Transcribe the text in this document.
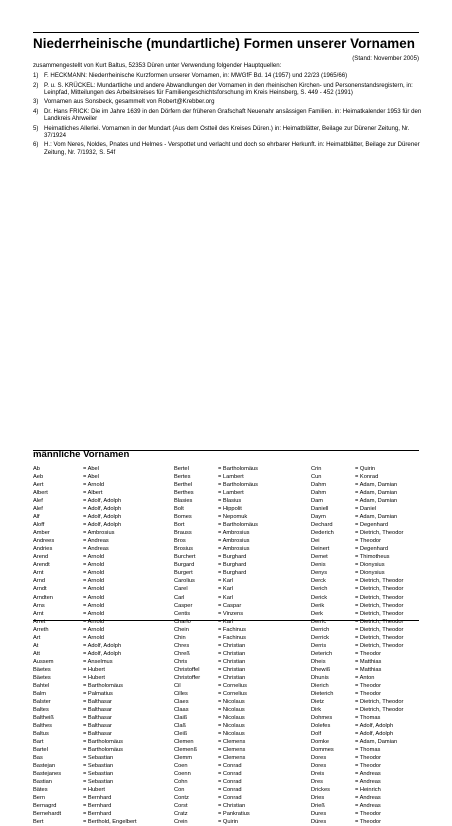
Niederrheinische (mundartliche) Formen unserer Vornamen
(Stand: November 2005)
zusammengestellt von Kurt Baltus, 52353 Düren unter Verwendung folgender Hauptquellen:
1) F. HECKMANN: Niederrheinische Kurzformen unserer Vornamen, in: MWGfF Bd. 14 (1957) und 22/23 (1965/66)
2) P. u. S. KRÜCKEL: Mundartliche und andere Abwandlungen der Vornamen in den rheinischen Kirchen- und Personenstandsregistern, in: Leinpfad, Mitteilungen des Arbeitskreises für Familiengeschichtsforschung im Kreis Heinsberg, S. 449 - 452 (1991)
3) Vornamen aus Sonsbeck, gesammelt von Robert@Krebber.org
4) Dr. Hans FRICK: Die im Jahre 1639 in den Dörfern der früheren Grafschaft Neuenahr ansässigen Familien. in: Heimatkalender 1953 für den Landkreis Ahrweiler
5) Heimatliches Allerlei. Vornamen in der Mundart (Aus dem Ostteil des Kreises Düren.) in: Heimatblätter, Beilage zur Dürener Zeitung, Nr. 37/1924
6) H.: Vom Neres, Noldes, Pnates und Helmes - Verspottet und verlacht und doch so ehrbarer Herkunft. in: Heimatblätter, Beilage zur Dürener Zeitung, Nr. 7/1932, S. 54f
männliche Vornamen
Ab	= Abel	Bertel	= Bartholomäus	Crin	= Quirin
Aeb	= Abel	Bertes	= Lambert	Cun	= Konrad
Aert	= Arnold	Berthel	= Bartholomäus	Dahm	= Adam, Damian
Albert	= Albert	Berthes	= Lambert	Dahm	= Adam, Damian
Alef	= Adolf, Adolph	Blasies	= Blasius	Dam	= Adam, Damian
Alef	= Adolf, Adolph	Bolt	= Hippolit	Daniell	= Daniel
Alf	= Adolf, Adolph	Bomes	= Nepomuk	Daym	= Adam, Damian
Aloff	= Adolf, Adolph	Bort	= Bartholomäus	Dechard	= Degenhard
Amber	= Ambrosius	Brauss	= Ambrosius	Dederich	= Dietrich, Theodor
Andrees	= Andreas	Bros	= Ambrosius	Dei	= Theodor
Andries	= Andreas	Brosius	= Ambrosius	Deinert	= Degenhard
Arend	= Arnold	Burchert	= Burghard	Demet	= Thimotheus
Arendt	= Arnold	Burgard	= Burghard	Denis	= Dionysius
Arnt	= Arnold	Burgert	= Burghard	Denys	= Dionysius
Arnd	= Arnold	Carolius	= Karl	Derck	= Dietrich, Theodor
Arndt	= Arnold	Carel	= Karl	Derich	= Dietrich, Theodor
Arndten	= Arnold	Carl	= Karl	Derick	= Dietrich, Theodor
Arns	= Arnold	Casper	= Caspar	Derik	= Dietrich, Theodor
Arnt	= Arnold	Centis	= Vinzens	Derk	= Dietrich, Theodor
Arret	= Arnold	Charlo	= Karl	Derric	= Dietrich, Theodor
Arreth	= Arnold	Chein	= Fachinus	Derrich	= Dietrich, Theodor
Art	= Arnold	Chin	= Fachinus	Derrick	= Dietrich, Theodor
At	= Adolf, Adolph	Chres	= Christian	Derris	= Dietrich, Theodor
Att	= Adolf, Adolph	Chreß	= Christian	Deterich	= Theodor
Aussem	= Anselmus	Chris	= Christian	Dheis	= Matthias
Bäetes	= Hubert	Christoffel	= Christian	Dhewiß	= Matthias
Bäetes	= Hubert	Christoffer	= Christian	Dhunis	= Anton
Bahtel	= Bartholomäus	Cil	= Cornelius	Dierich	= Theodor
Balm	= Palmatius	Cilles	= Cornelius	Dieterich	= Theodor
Balster	= Balthasar	Claes	= Nicolaus	Dietz	= Dietrich, Theodor
Baltes	= Balthasar	Claas	= Nicolaus	Dirk	= Dietrich, Theodor
Baltheiß	= Balthasar	Claiß	= Nicolaus	Dohmes	= Thomas
Balthes	= Balthasar	Claß	= Nicolaus	Dolefes	= Adolf, Adolph
Baltus	= Balthasar	Cleiß	= Nicolaus	Dolf	= Adolf, Adolph
Bart	= Bartholomäus	Clemen	= Clemens	Domke	= Adam, Damian
Bartel	= Bartholomäus	Clemenß	= Clemens	Dommes	= Thomas
Bas	= Sebastian	Clemm	= Clemens	Dores	= Theodor
Bastejan	= Sebastian	Coen	= Conrad	Dores	= Theodor
Bastejanes	= Sebastian	Coenn	= Conrad	Dreis	= Andreas
Bastian	= Sebastian	Cohn	= Conrad	Dres	= Andreas
Bätes	= Hubert	Con	= Conrad	Drickes	= Heinrich
Bern	= Bernhard	Contz	= Conrad	Dries	= Andreas
Bernagrd	= Bernhard	Corst	= Christian	Drieß	= Andreas
Bernehardt	= Bernhard	Cratz	= Pankratius	Dures	= Theodor
Bert	= Berthold, Engelbert	Crein	= Quirin	Düres	= Theodor
